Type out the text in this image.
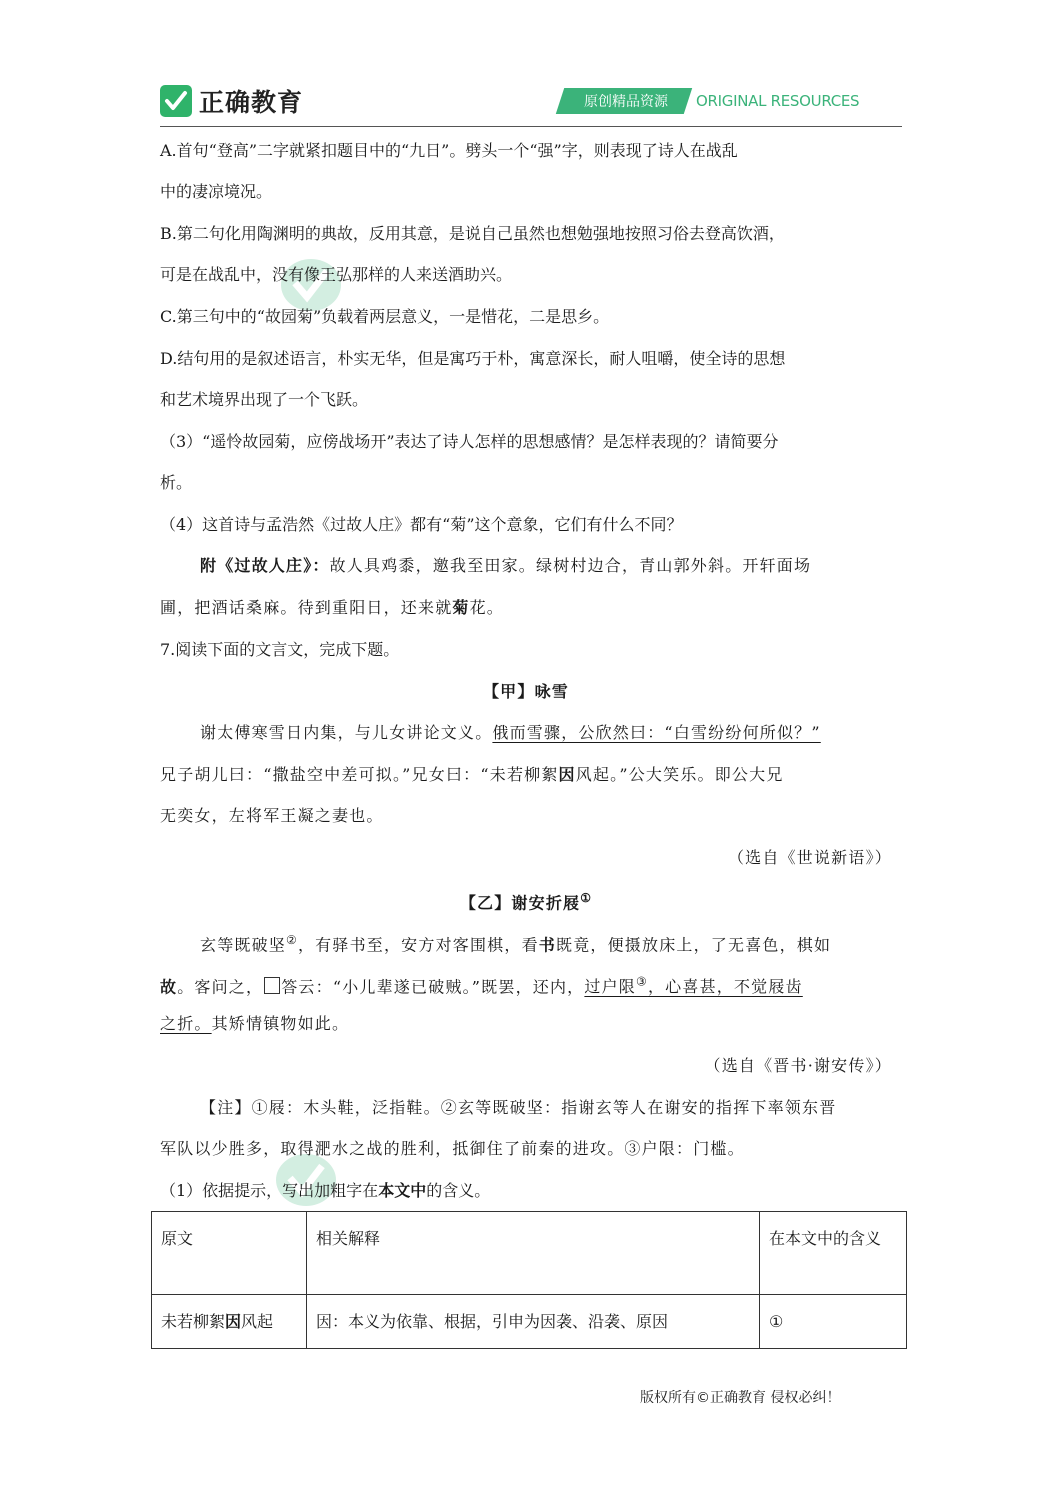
正确教育	原创精品资源	ORIGINAL RESOURCES
A.首句“登高”二字就紧扣题目中的“九日”。劈头一个“强”字，则表现了诗人在战乱
中的凄凉境况。
B.第二句化用陶渊明的典故，反用其意，是说自己虽然也想勉强地按照习俗去登高饮酒，
可是在战乱中，没有像王弘那样的人来送酒助兴。
C.第三句中的“故园菊”负载着两层意义，一是惜花，二是思乡。
D.结句用的是叙述语言，朴实无华，但是寓巧于朴，寓意深长，耐人咀嚼，使全诗的思想
和艺术境界出现了一个飞跃。
（3）“遥怜故园菊，应傍战场开”表达了诗人怎样的思想感情？是怎样表现的？请简要分
析。
（4）这首诗与孟浩然《过故人庄》都有“菊”这个意象，它们有什么不同？
附《过故人庄》：故人具鸡黍，邀我至田家。绿树村边合，青山郭外斜。开轩面场
圃，把酒话桑麻。待到重阳日，还来就菊花。
7.阅读下面的文言文，完成下题。
【甲】咏雪
谢太傅寒雪日内集，与儿女讲论文义。俄而雪骤，公欣然曰：“白雪纷纷何所似？”
兄子胡儿曰：“撒盐空中差可拟。”兄女曰：“未若柳絮因风起。”公大笑乐。即公大兄
无奕女，左将军王凝之妻也。
（选自《世说新语》）
【乙】谢安折屐①
玄等既破坚②，有驿书至，安方对客围棋，看书既竟，便摄放床上，了无喜色，棋如
故。客问之， 答云：“小儿辈遂已破贼。”既罢，还内，过户限③，心喜甚，不觉屐齿
之折。其矫情镇物如此。
（选自《晋书·谢安传》）
【注】①屐：木头鞋，泛指鞋。②玄等既破坚：指谢玄等人在谢安的指挥下率领东晋
军队以少胜多，取得淝水之战的胜利，抵御住了前秦的进攻。③户限：门槛。
（1）依据提示，写出加粗字在本文中的含义。
原文	相关解释	在本文中的含义
未若柳絮因风起	因：本义为依靠、根据，引申为因袭、沿袭、原因	①
版权所有©正确教育 侵权必纠！
